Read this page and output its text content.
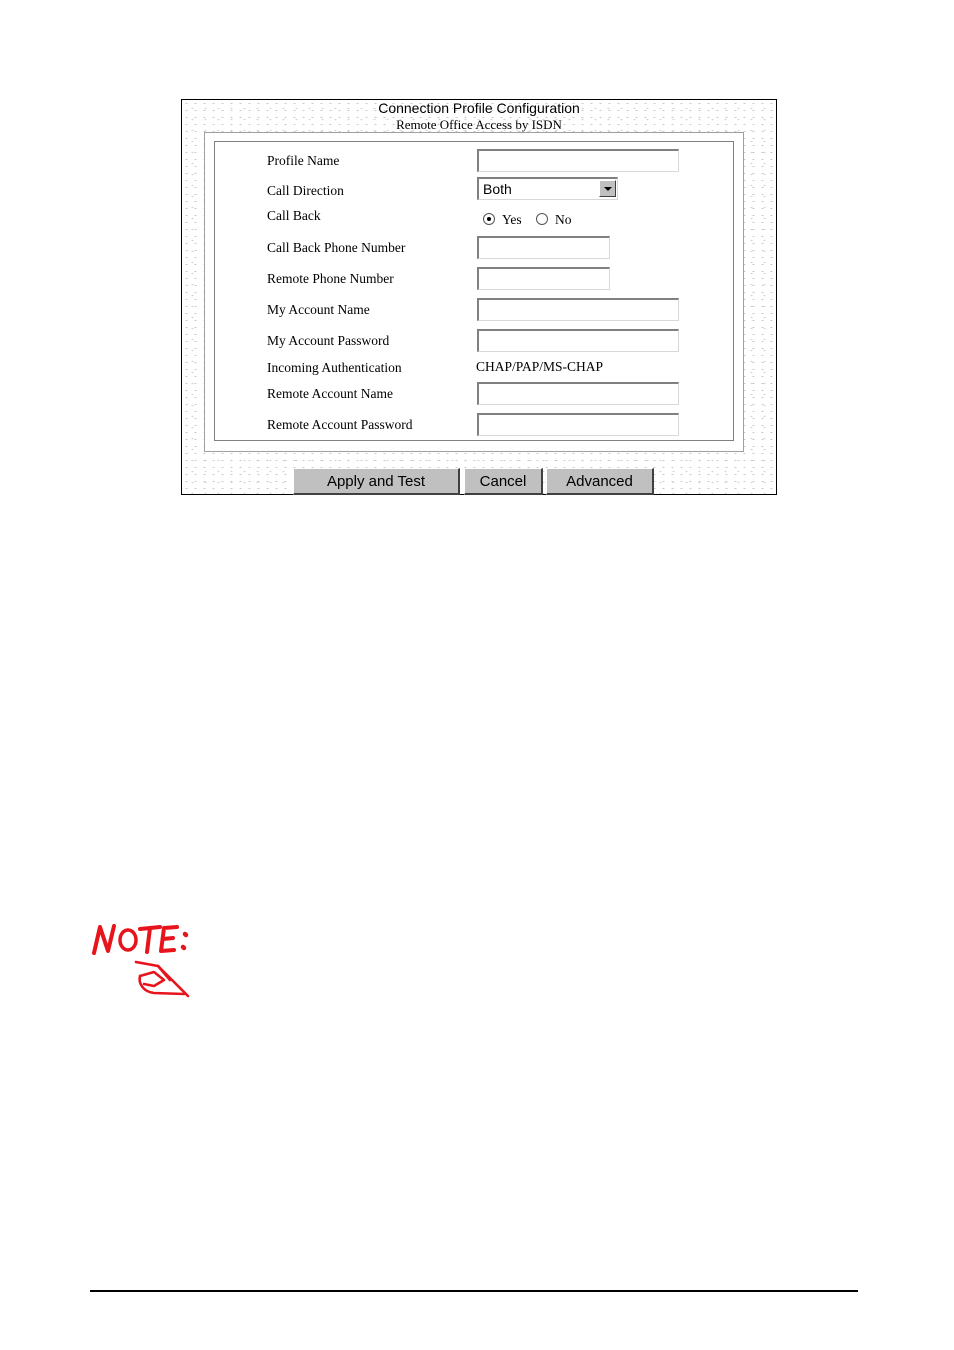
Connection Profile Configuration
Remote Office Access by ISDN
Profile Name
Call Direction	Both
Call Back	Yes No
Call Back Phone Number
Remote Phone Number
My Account Name
My Account Password
Incoming Authentication	CHAP/PAP/MS-CHAP
Remote Account Name
Remote Account Password
Apply and Test	Cancel	Advanced
